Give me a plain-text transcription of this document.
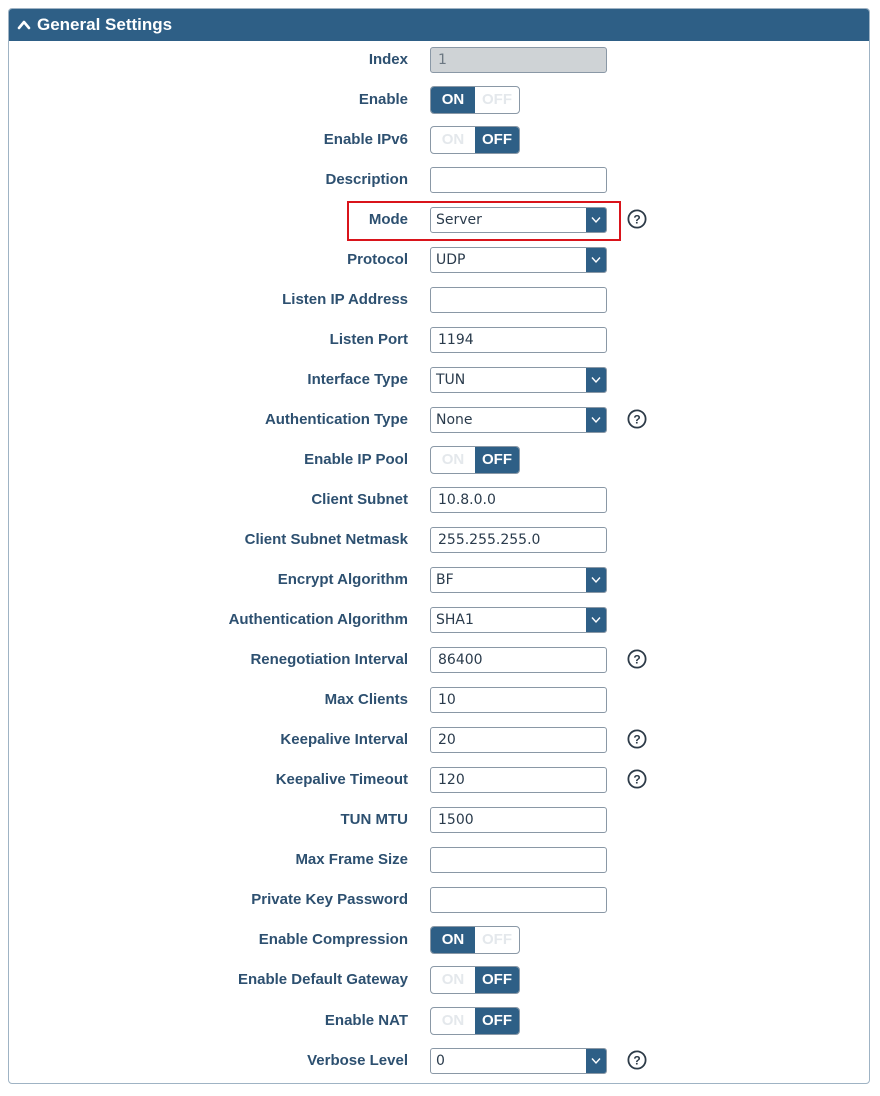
General Settings
Index	1
Enable	ON	OFF
Enable IPv6	ON	OFF
Description
Mode	Server	?
Protocol	UDP
Listen IP Address
Listen Port	1194
Interface Type	TUN
Authentication Type	None	?
Enable IP Pool	ON	OFF
Client Subnet	10.8.0.0
Client Subnet Netmask	255.255.255.0
Encrypt Algorithm	BF
Authentication Algorithm	SHA1
Renegotiation Interval	86400	?
Max Clients	10
Keepalive Interval	20	?
Keepalive Timeout	120	?
TUN MTU	1500
Max Frame Size
Private Key Password
Enable Compression	ON	OFF
Enable Default Gateway	ON	OFF
Enable NAT	ON	OFF
Verbose Level	0	?
